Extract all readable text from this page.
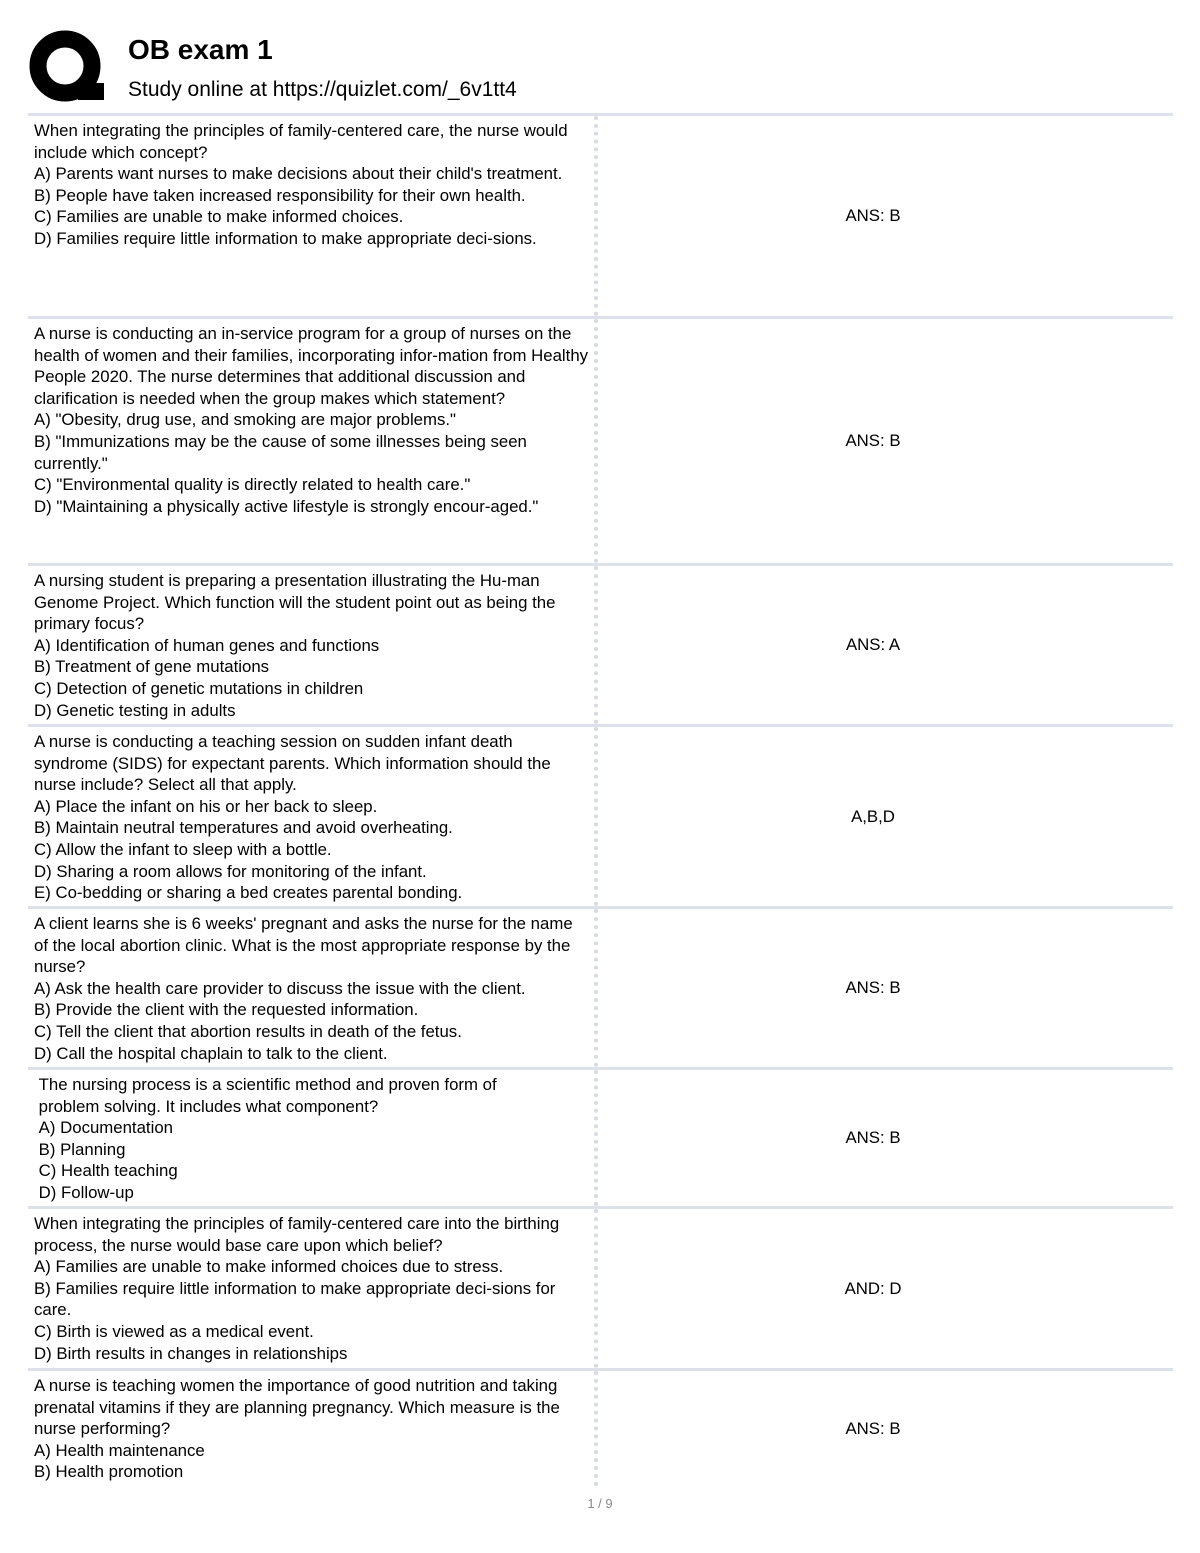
OB exam 1
Study online at https://quizlet.com/_6v1tt4
When integrating the principles of family-centered care, the nurse would include which concept?
A) Parents want nurses to make decisions about their child's treatment.
B) People have taken increased responsibility for their own health.
C) Families are unable to make informed choices.
D) Families require little information to make appropriate deci-sions.
ANS: B
A nurse is conducting an in-service program for a group of nurses on the health of women and their families, incorporating infor-mation from Healthy People 2020. The nurse determines that additional discussion and clarification is needed when the group makes which statement?
A) "Obesity, drug use, and smoking are major problems."
B) "Immunizations may be the cause of some illnesses being seen currently."
C) "Environmental quality is directly related to health care."
D) "Maintaining a physically active lifestyle is strongly encour-aged."
ANS: B
A nursing student is preparing a presentation illustrating the Hu-man Genome Project. Which function will the student point out as being the primary focus?
A) Identification of human genes and functions
B) Treatment of gene mutations
C) Detection of genetic mutations in children
D) Genetic testing in adults
ANS: A
A nurse is conducting a teaching session on sudden infant death syndrome (SIDS) for expectant parents. Which information should the nurse include? Select all that apply.
A) Place the infant on his or her back to sleep.
B) Maintain neutral temperatures and avoid overheating.
C) Allow the infant to sleep with a bottle.
D) Sharing a room allows for monitoring of the infant.
E) Co-bedding or sharing a bed creates parental bonding.
A,B,D
A client learns she is 6 weeks' pregnant and asks the nurse for the name of the local abortion clinic. What is the most appropriate response by the nurse?
A) Ask the health care provider to discuss the issue with the client.
B) Provide the client with the requested information.
C) Tell the client that abortion results in death of the fetus.
D) Call the hospital chaplain to talk to the client.
ANS: B
The nursing process is a scientific method and proven form of
problem solving. It includes what component?
A) Documentation
B) Planning
C) Health teaching
D) Follow-up
ANS: B
When integrating the principles of family-centered care into the birthing process, the nurse would base care upon which belief?
A) Families are unable to make informed choices due to stress.
B) Families require little information to make appropriate deci-sions for care.
C) Birth is viewed as a medical event.
D) Birth results in changes in relationships
AND: D
A nurse is teaching women the importance of good nutrition and taking prenatal vitamins if they are planning pregnancy. Which measure is the nurse performing?
A) Health maintenance
B) Health promotion
ANS: B
1 / 9
